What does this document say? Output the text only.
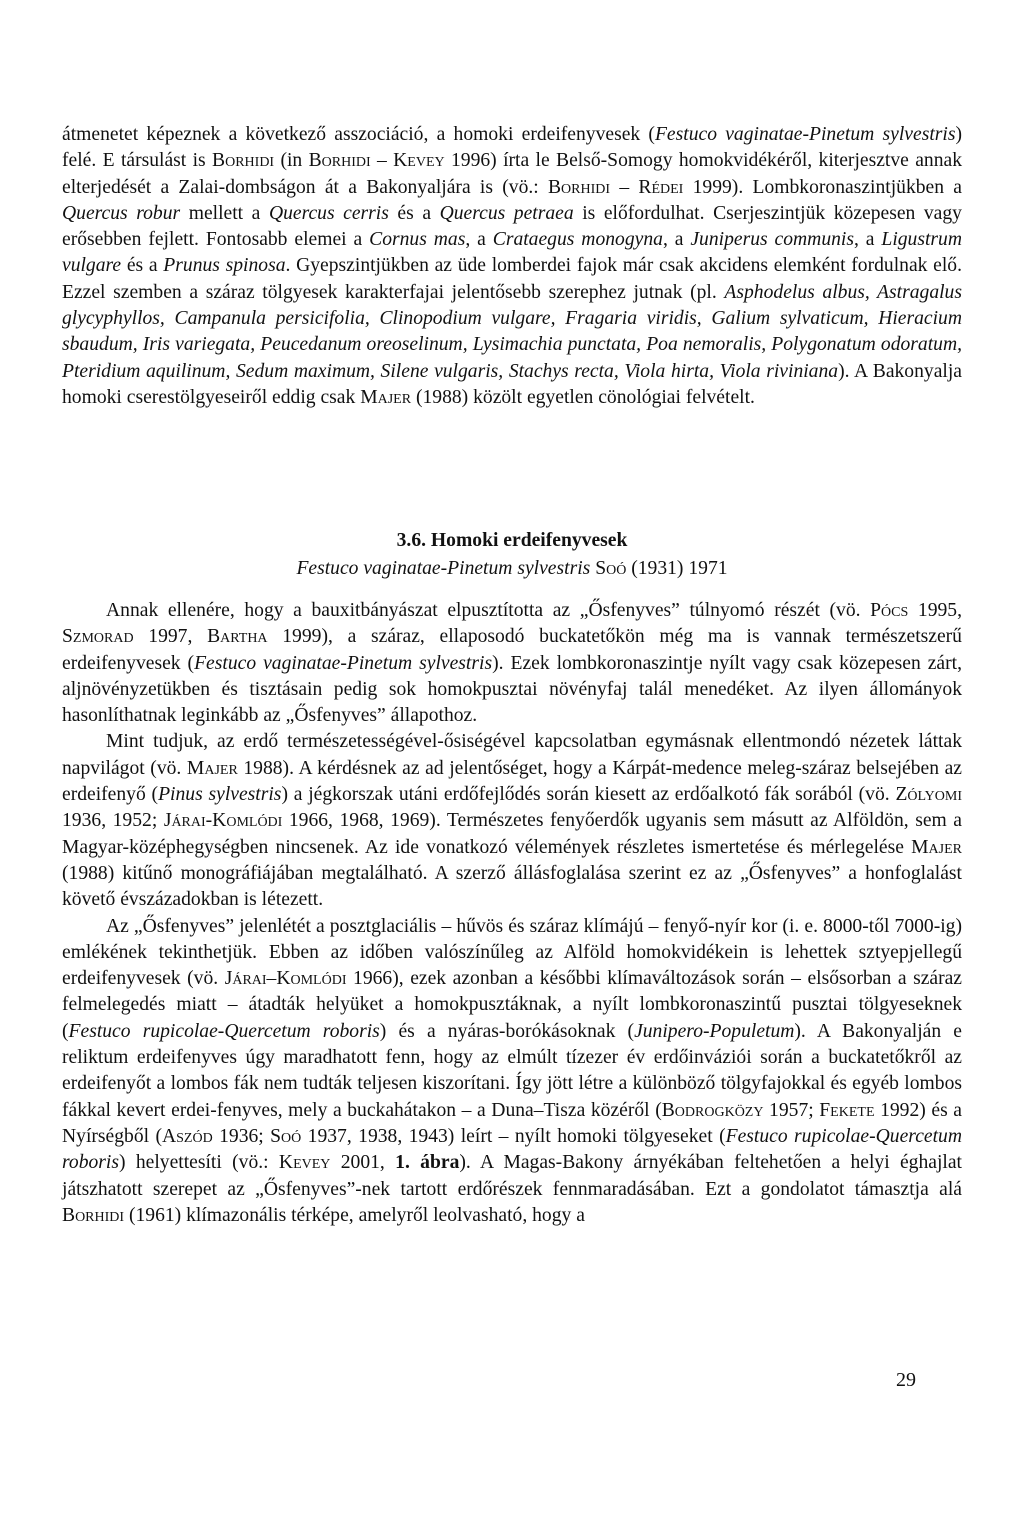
átmenetet képeznek a következő asszociáció, a homoki erdeifenyvesek (Festuco vaginatae-Pinetum sylvestris) felé. E társulást is Borhidi (in Borhidi – Kevey 1996) írta le Belső-Somogy homokvidékéről, kiterjesztve annak elterjedését a Zalai-dombságon át a Bakonyaljára is (vö.: Borhidi – Rédei 1999). Lombkoronaszintjükben a Quercus robur mellett a Quercus cerris és a Quercus petraea is előfordulhat. Cserjeszintjük közepesen vagy erősebben fejlett. Fontosabb elemei a Cornus mas, a Crataegus monogyna, a Juniperus communis, a Ligustrum vulgare és a Prunus spinosa. Gyepszintjükben az üde lomberdei fajok már csak akcidens elemként fordulnak elő. Ezzel szemben a száraz tölgyesek karakterfajai jelentősebb szerephez jutnak (pl. Asphodelus albus, Astragalus glycyphyllos, Campanula persicifolia, Clinopodium vulgare, Fragaria viridis, Galium sylvaticum, Hieracium sbaudum, Iris variegata, Peucedanum oreoselinum, Lysimachia punctata, Poa nemoralis, Polygonatum odoratum, Pteridium aquilinum, Sedum maximum, Silene vulgaris, Stachys recta, Viola hirta, Viola riviniana). A Bakonyalja homoki cserestölgyeseiről eddig csak Majer (1988) közölt egyetlen cönológiai felvételt.
3.6. Homoki erdeifenyvesek
Festuco vaginatae-Pinetum sylvestris Soó (1931) 1971

Annak ellenére, hogy a bauxitbányászat elpusztította az „Ősfenyves” túlnyomó részét (vö. Pócs 1995, Szmorad 1997, Bartha 1999), a száraz, ellaposodó buckatetőkön még ma is vannak természetszerű erdeifenyvesek (Festuco vaginatae-Pinetum sylvestris). Ezek lombkoronaszintje nyílt vagy csak közepesen zárt, aljnövényzetükben és tisztásain pedig sok homokpusztai növényfaj talál menedéket. Az ilyen állományok hasonlíthatnak leginkább az „Ősfenyves” állapothoz.

Mint tudjuk, az erdő természetességével-ősiségével kapcsolatban egymásnak ellentmondó nézetek láttak napvilágot (vö. Majer 1988). A kérdésnek az ad jelentőséget, hogy a Kárpát-medence meleg-száraz belsejében az erdeifenyő (Pinus sylvestris) a jégkorszak utáni erdőfejlődés során kiesett az erdőalkotó fák sorából (vö. Zólyomi 1936, 1952; Járai-Komlódi 1966, 1968, 1969). Természetes fenyőerdők ugyanis sem másutt az Alföldön, sem a Magyar-középhegységben nincsenek. Az ide vonatkozó vélemények részletes ismertetése és mérlegelése Majer (1988) kitűnő monográfiájában megtalálható. A szerző állásfoglalása szerint ez az „Ősfenyves” a honfoglalást követő évszázadokban is létezett.

Az „Ősfenyves” jelenlétét a posztglaciális – hűvös és száraz klímájú – fenyő-nyír kor (i. e. 8000-től 7000-ig) emlékének tekinthetjük. Ebben az időben valószínűleg az Alföld homokvidékein is lehettek sztyepjellegű erdeifenyvesek (vö. Járai–Komlódi 1966), ezek azonban a későbbi klímaváltozások során – elsősorban a száraz felmelegedés miatt – átadták helyüket a homokpusztáknak, a nyílt lombkoronaszintű pusztai tölgyeseknek (Festuco rupicolae-Quercetum roboris) és a nyáras-borókásoknak (Junipero-Populetum). A Bakonyalján e reliktum erdeifenyves úgy maradhatott fenn, hogy az elmúlt tízezer év erdőinváziói során a buckatetőkről az erdeifenyőt a lombos fák nem tudták teljesen kiszorítani. Így jött létre a különböző tölgyfajokkal és egyéb lombos fákkal kevert erdei-fenyves, mely a buckahátakon – a Duna–Tisza közéről (Bodrogközy 1957; Fekete 1992) és a Nyírségből (Aszód 1936; Soó 1937, 1938, 1943) leírt – nyílt homoki tölgyeseket (Festuco rupicolae-Quercetum roboris) helyettesíti (vö.: Kevey 2001, 1. ábra). A Magas-Bakony árnyékában feltehetően a helyi éghajlat játszhatott szerepet az „Ősfenyves”-nek tartott erdőrészek fennmaradásában. Ezt a gondolatot támasztja alá Borhidi (1961) klímazonális térképe, amelyről leolvasható, hogy a

29
